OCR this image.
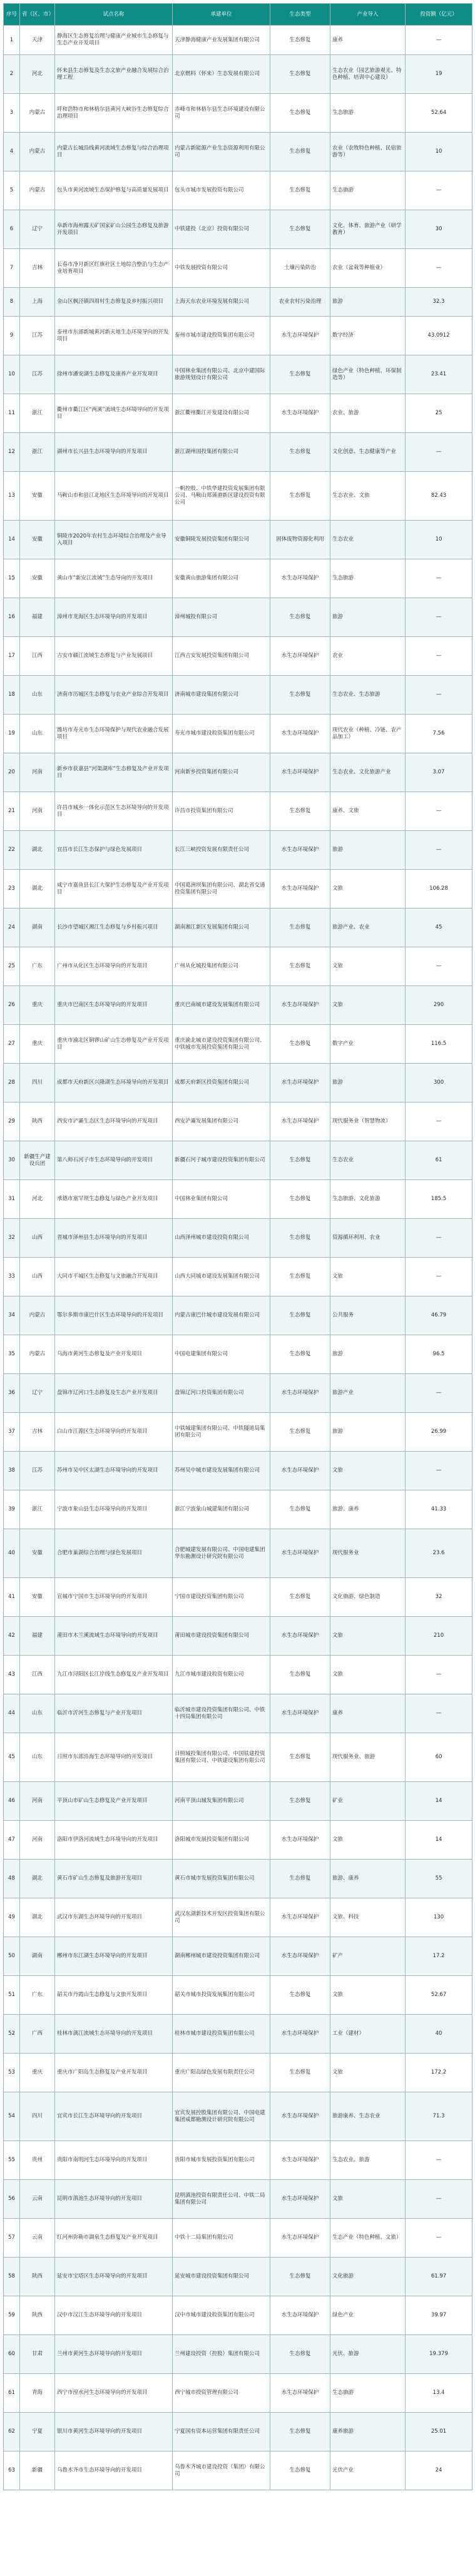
序号	省（区、市）	试点名称	承建单位	生态类型	产业导入	投资额（亿元）
1	天津	静海区生态修复治理与健康产业城市生态修复与生态产业开发项目	天津静海健康产业发展集团有限公司	生态修复	康养	—
2	河北	怀来县生态修复及生态文旅产业融合发展综合治理工程	北京燃料（怀来）生态发展有限公司	生态修复	生态农业（园艺旅游观光、特色种植、培训中心建设）	19
3	内蒙古	呼和浩特市和林格尔县黄河大峡谷生态修复综合治理项目	赤峰市和林格尔县生态环境建设有限公司	生态修复	生态旅游	52.64
4	内蒙古	内蒙古长城沿线黄河流域生态修复与综合治理项目	内蒙古新能源产业生态资源利用有限公司	生态修复	农业（农牧特色种植、民宿旅游等）	10
5	内蒙古	包头市黄河流域生态保护修复与高质量发展项目	包头市城市发展投资有限公司	生态修复	生态旅游	—
6	辽宁	阜新市海州露天矿国家矿山公园生态修复及旅游开发项目	中铁建投（北京）投资有限公司	生态修复	文化、体育、旅游产业（研学教育）	30
7	吉林	长春市净月新区红旗社区土地综合整治与生态产业培育项目	中铁发展投资有限公司	土壤污染防治	农业（盆栽等种植业）	—
8	上海	金山区枫泾镇四周村生态修复及乡村振兴项目	上海天东农业环境发展有限公司	农业农村污染治理	旅游	32.3
9	江苏	泰州市东部新城黄河新天地生态环境导向的开发项目	泰州市城市建设投资集团有限公司	水生态环境保护	数字经济	43.0912
10	江苏	徐州市潘安湖生态修复及康养产业开发项目	中国林业集团有限公司、北京中建国际旅游规划设计有限公司	生态修复	绿色产业（特色种植、环保制造等）	23.41
11	浙江	衢州市衢江区“两溪”流域生态环境导向的开发项目	浙江衢州衢江开发建设有限公司	水生态环境保护	农业、旅游	25
12	浙江	湖州市长兴县生态环境导向的开发项目	浙江湖州国投集团有限公司	生态修复	文化创意、生态健康等产业	—
13	安徽	马鞍山市和县江北地区生态环境导向的开发项目	一帆控股、中铁华建投资发展集团有限公司、马鞍山郑蒲港新区建设投资有限公司	生态修复	生态农业、文旅	82.43
14	安徽	铜陵市2020年农村生态环境综合治理及产业导入项目	安徽铜陵发展投资集团有限公司	固体废物资源化利用	生态农业	10
15	安徽	黄山市“新安江流域”生态导向的开发项目	安徽黄山旅游集团有限公司	水生态环境保护	生态旅游	—
16	福建	漳州市龙海区生态环境导向的开发项目	漳州城投有限公司	生态修复	旅游	—
17	江西	吉安市赣江流域生态修复与产业发展项目	江西吉安发展投资集团有限公司	水生态环境保护	农业	—
18	山东	济南市历城区生态修复与农业产业综合开发项目	济南城市建设集团有限公司	生态修复	生态农业、生态旅游	—
19	山东	潍坊市寿光市生态环境保护与现代农业融合发展项目	寿光市城市建设投资集团有限公司	水生态环境保护	现代农业（种植、冷链、农产品加工）	7.56
20	河南	新乡市获嘉县“河渠湖库”生态修复及产业开发项目	河南新乡投资集团有限公司	水生态环境保护	生态农业、文化旅游产业	3.07
21	河南	许昌市城乡一体化示范区生态环境导向的开发项目	许昌市投资集团有限公司	生态修复	康养、文旅	—
22	湖北	宜昌市长江生态保护与绿色发展项目	长江三峡投资发展有限责任公司	水生态环境保护	旅游	—
23	湖北	咸宁市嘉鱼县长江大保护生态修复及产业开发项目	中国葛洲坝集团有限公司、湖北省交通投资集团有限公司	水生态环境保护	文旅	106.28
24	湖南	长沙市望城区湘江生态修复与乡村振兴项目	湖南湘江新区发展集团有限公司	生态修复	旅游产业、农业	45
25	广东	广州市从化区生态环境导向的开发项目	广州从化城投集团有限公司	生态修复	文旅	—
26	重庆	重庆市巴南区生态环境导向的开发项目	重庆巴南城市建设发展集团有限公司	水生态环境保护	文旅	290
27	重庆	重庆市渝北区铜锣山矿山生态修复及产业开发项目	重庆渝北城市建设投资集团有限公司、中铁城市发展投资集团有限公司	生态修复	数字产业	116.5
28	四川	成都市天府新区兴隆湖生态环境导向的开发项目	成都天府新区投资集团有限公司	水生态环境保护	旅游	300
29	陕西	西安市浐灞生态区生态环境导向的开发项目	西安浐灞发展集团有限公司	水生态环境保护	现代服务业（智慧物流）	—
30	新疆生产建设兵团	第八师石河子市生态环境导向的开发项目	新疆石河子城市建设投资集团有限公司	生态修复	生态农业	61
31	河北	承德市塞罕坝生态修复与绿色产业开发项目	中国林业集团有限公司	生态修复	生态旅游、文化旅游	185.5
32	山西	晋城市泽州县生态环境导向的开发项目	山西泽州城市建设投资有限公司	生态修复	资源循环利用、农业	—
33	山西	大同市平城区生态修复与文旅融合开发项目	山西大同城市建设发展集团有限公司	生态修复	文旅	—
34	内蒙古	鄂尔多斯市康巴什区生态环境导向的开发项目	内蒙古康巴什城市建设发展有限公司	生态修复	公共服务	46.79
35	内蒙古	乌海市黄河生态修复及产业开发项目	中国电建集团有限公司	生态修复	旅游	96.5
36	辽宁	盘锦市辽河口生态修复及生态产业开发项目	盘锦辽河口投资集团有限公司	水生态环境保护	旅游产业	—
37	吉林	白山市江源区生态环境导向的开发项目	中铁城建集团有限公司、中铁隧道局集团有限公司	生态修复	旅游	26.99
38	江苏	苏州市吴中区太湖生态环境导向的开发项目	苏州吴中城市建设发展集团有限公司	水生态环境保护	文旅	—
39	浙江	宁波市象山县生态环境导向的开发项目	浙江宁波象山城建集团有限公司	生态修复	旅游、康养	41.33
40	安徽	合肥市巢湖综合治理与绿色发展项目	合肥城建发展有限公司、中国电建集团华东勘测设计研究院有限公司	水生态环境保护	现代服务业	23.6
41	安徽	宣城市宁国市生态环境导向的开发项目	宁国市建设投资集团有限公司	生态修复	文化旅游、绿色制造	32
42	福建	莆田市木兰溪流域生态环境导向的开发项目	莆田城市建设投资集团有限公司	水生态环境保护	文旅	210
43	江西	九江市浔阳区长江岸线生态修复及产业开发项目	九江市城市建设投资有限公司	生态修复	文旅	—
44	山东	临沂市沂河生态修复与产业开发项目	临沂城市建设投资集团有限公司、中铁十四局集团有限公司	水生态环境保护	康养	—
45	山东	日照市东部沿海生态环境导向的开发项目	日照城投集团有限公司、中国铁建投资集团有限公司、中铁建设集团有限公司	生态修复	现代服务业、旅游	60
46	河南	平顶山市矿山生态修复及产业开发项目	河南平顶山城发集团有限公司	生态修复	矿业	14
47	河南	洛阳市伊洛河流域生态环境导向的开发项目	洛阳城市发展投资集团有限公司	水生态环境保护	文旅	14
48	湖北	黄石市矿山生态修复及旅游开发项目	黄石市城市发展投资集团有限公司	生态修复	旅游、康养	55
49	湖北	武汉市东湖生态环境导向的开发项目	武汉东湖新技术开发区投资集团有限公司	水生态环境保护	文旅、科技	130
50	湖南	郴州市东江湖生态环境导向的开发项目	湖南郴州城市建设投资集团有限公司	水生态环境保护	矿产	17.2
51	广东	韶关市丹霞山生态修复与文旅开发项目	韶关市城市投资发展集团有限公司	生态修复	文旅	52.67
52	广西	桂林市漓江流域生态环境导向的开发项目	桂林市城市建设投资集团有限公司	水生态环境保护	工业（建材）	40
53	重庆	重庆市广阳岛生态修复及产业开发项目	重庆广阳岛绿色发展有限责任公司	生态修复	文旅	172.2
54	四川	宜宾市长江生态环境导向的开发项目	宜宾发展控股集团有限公司、中国电建集团成都勘测设计研究院有限公司	水生态环境保护	旅游康养、生态农业	71.3
55	贵州	贵阳市南明河生态环境导向的开发项目	贵阳市城市发展投资集团有限公司	水生态环境保护	生态农业、旅游	—
56	云南	昆明市滇池生态环境导向的开发项目	昆明滇池投资有限责任公司、中铁二局集团有限公司	水生态环境保护	文旅	—
57	云南	红河州弥勒市湖泉生态修复及产业开发项目	中铁十二局集团有限公司	水生态环境保护	生态产业（特色种植、文旅）	—
58	陕西	延安市宝塔区生态环境导向的开发项目	延安城市建设投资集团有限公司	生态修复	文化旅游	61.97
59	陕西	汉中市汉江生态环境导向的开发项目	汉中市城市建设投资集团有限公司	水生态环境保护	绿色产业	39.97
60	甘肃	兰州市黄河生态环境导向的开发项目	兰州建设投资（控股）集团有限公司	生态修复	光伏、旅游	19.379
61	青海	西宁市湟水河生态环境导向的开发项目	西宁城市投资管理有限公司	水生态环境保护	生态旅游	13.4
62	宁夏	银川市黄河生态环境导向的开发项目	宁夏国有资本运营集团有限责任公司	生态修复	康养旅游	25.01
63	新疆	乌鲁木齐市生态环境导向的开发项目	乌鲁木齐城市建设投资（集团）有限公司	生态修复	光伏产业	24
